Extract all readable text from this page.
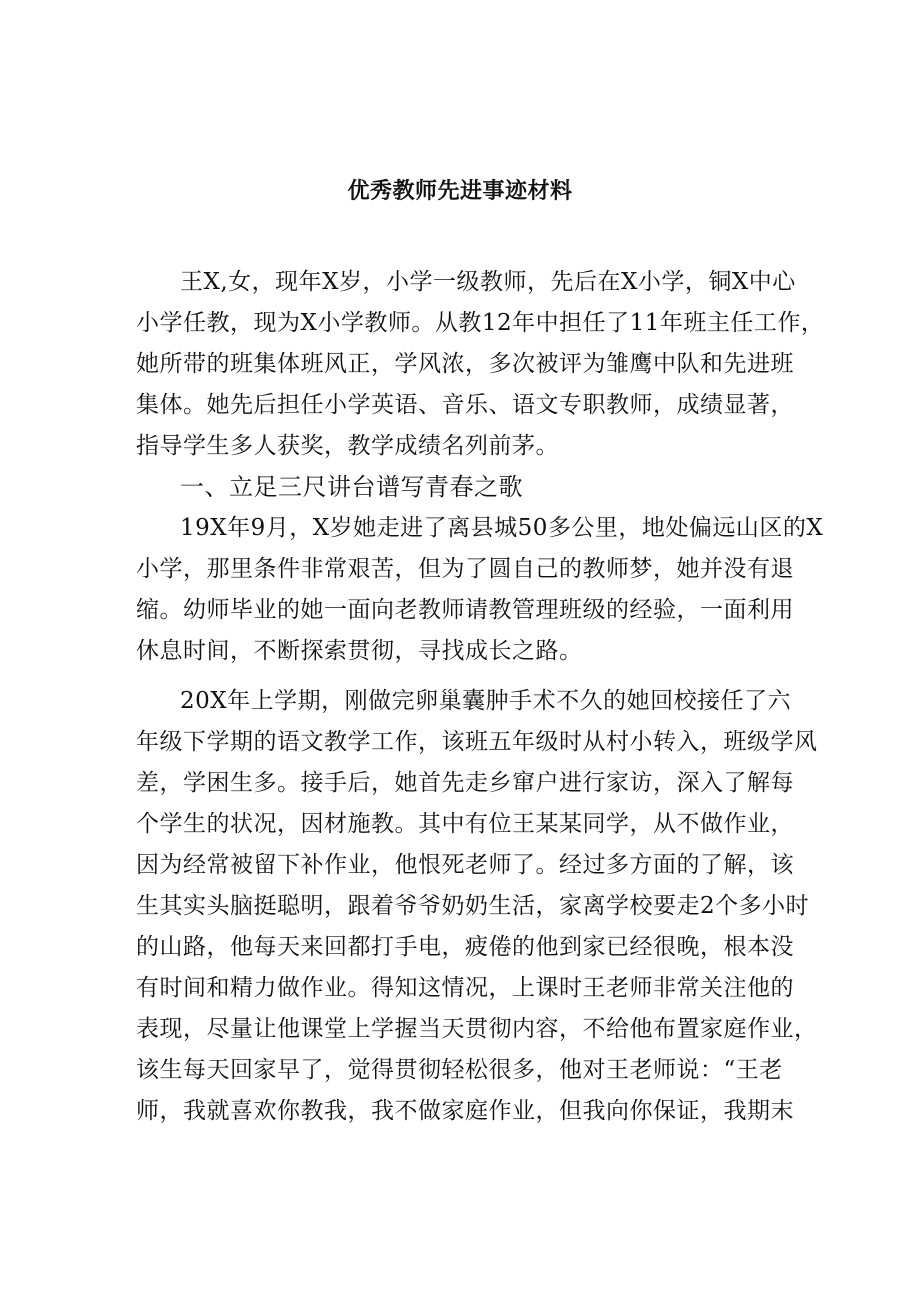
优秀教师先进事迹材料
王X,女，现年X岁，小学一级教师，先后在X小学，铜X中心
小学任教，现为X小学教师。从教12年中担任了11年班主任工作，
她所带的班集体班风正，学风浓，多次被评为雏鹰中队和先进班
集体。她先后担任小学英语、音乐、语文专职教师，成绩显著，
指导学生多人获奖，教学成绩名列前茅。
一、立足三尺讲台谱写青春之歌
19X年9月，X岁她走进了离县城50多公里，地处偏远山区的X
小学，那里条件非常艰苦，但为了圆自己的教师梦，她并没有退
缩。幼师毕业的她一面向老教师请教管理班级的经验，一面利用
休息时间，不断探索贯彻，寻找成长之路。
20X年上学期，刚做完卵巢囊肿手术不久的她回校接任了六
年级下学期的语文教学工作，该班五年级时从村小转入，班级学风
差，学困生多。接手后，她首先走乡窜户进行家访，深入了解每
个学生的状况，因材施教。其中有位王某某同学，从不做作业，
因为经常被留下补作业，他恨死老师了。经过多方面的了解，该
生其实头脑挺聪明，跟着爷爷奶奶生活，家离学校要走2个多小时
的山路，他每天来回都打手电，疲倦的他到家已经很晚，根本没
有时间和精力做作业。得知这情况，上课时王老师非常关注他的
表现，尽量让他课堂上学握当天贯彻内容，不给他布置家庭作业，
该生每天回家早了，觉得贯彻轻松很多，他对王老师说：“王老
师，我就喜欢你教我，我不做家庭作业，但我向你保证，我期末
